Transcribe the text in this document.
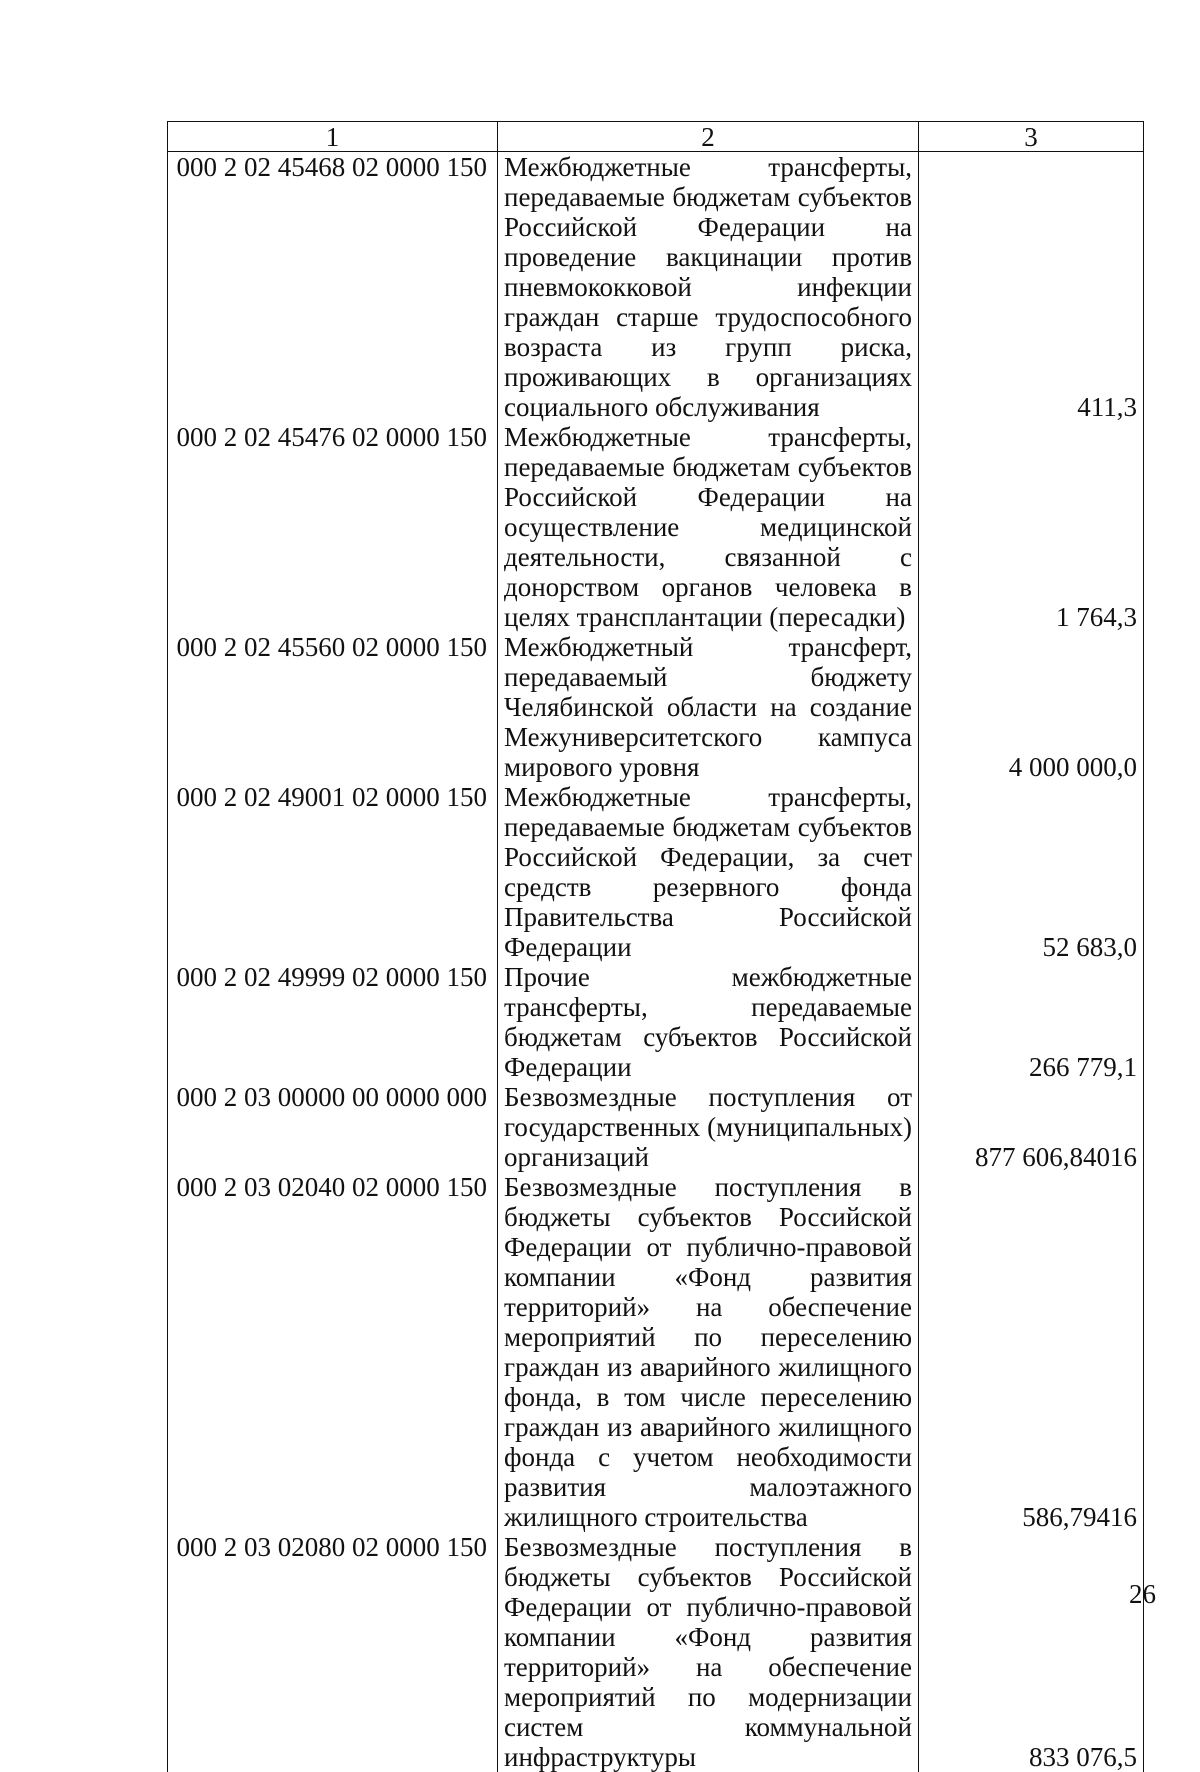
1	2	3
000 2 02 45468 02 0000 150	Межбюджетные трансферты, передаваемые бюджетам субъектов Российской Федерации на проведение вакцинации против пневмококковой инфекции граждан старше трудоспособного возраста из групп риска, проживающих в организациях социального обслуживания	411,3
000 2 02 45476 02 0000 150	Межбюджетные трансферты, передаваемые бюджетам субъектов Российской Федерации на осуществление медицинской деятельности, связанной с донорством органов человека в целях трансплантации (пересадки)	1 764,3
000 2 02 45560 02 0000 150	Межбюджетный трансферт, передаваемый бюджету Челябинской области на создание Межуниверситетского кампуса мирового уровня	4 000 000,0
000 2 02 49001 02 0000 150	Межбюджетные трансферты, передаваемые бюджетам субъектов Российской Федерации, за счет средств резервного фонда Правительства Российской Федерации	52 683,0
000 2 02 49999 02 0000 150	Прочие межбюджетные трансферты, передаваемые бюджетам субъектов Российской Федерации	266 779,1
000 2 03 00000 00 0000 000	Безвозмездные поступления от государственных (муниципальных) организаций	877 606,84016
000 2 03 02040 02 0000 150	Безвозмездные поступления в бюджеты субъектов Российской Федерации от публично-правовой компании «Фонд развития территорий» на обеспечение мероприятий по переселению граждан из аварийного жилищного фонда, в том числе переселению граждан из аварийного жилищного фонда с учетом необходимости развития малоэтажного жилищного строительства	586,79416
000 2 03 02080 02 0000 150	Безвозмездные поступления в бюджеты субъектов Российской Федерации от публично-правовой компании «Фонд развития территорий» на обеспечение мероприятий по модернизации систем коммунальной инфраструктуры	833 076,5
26
